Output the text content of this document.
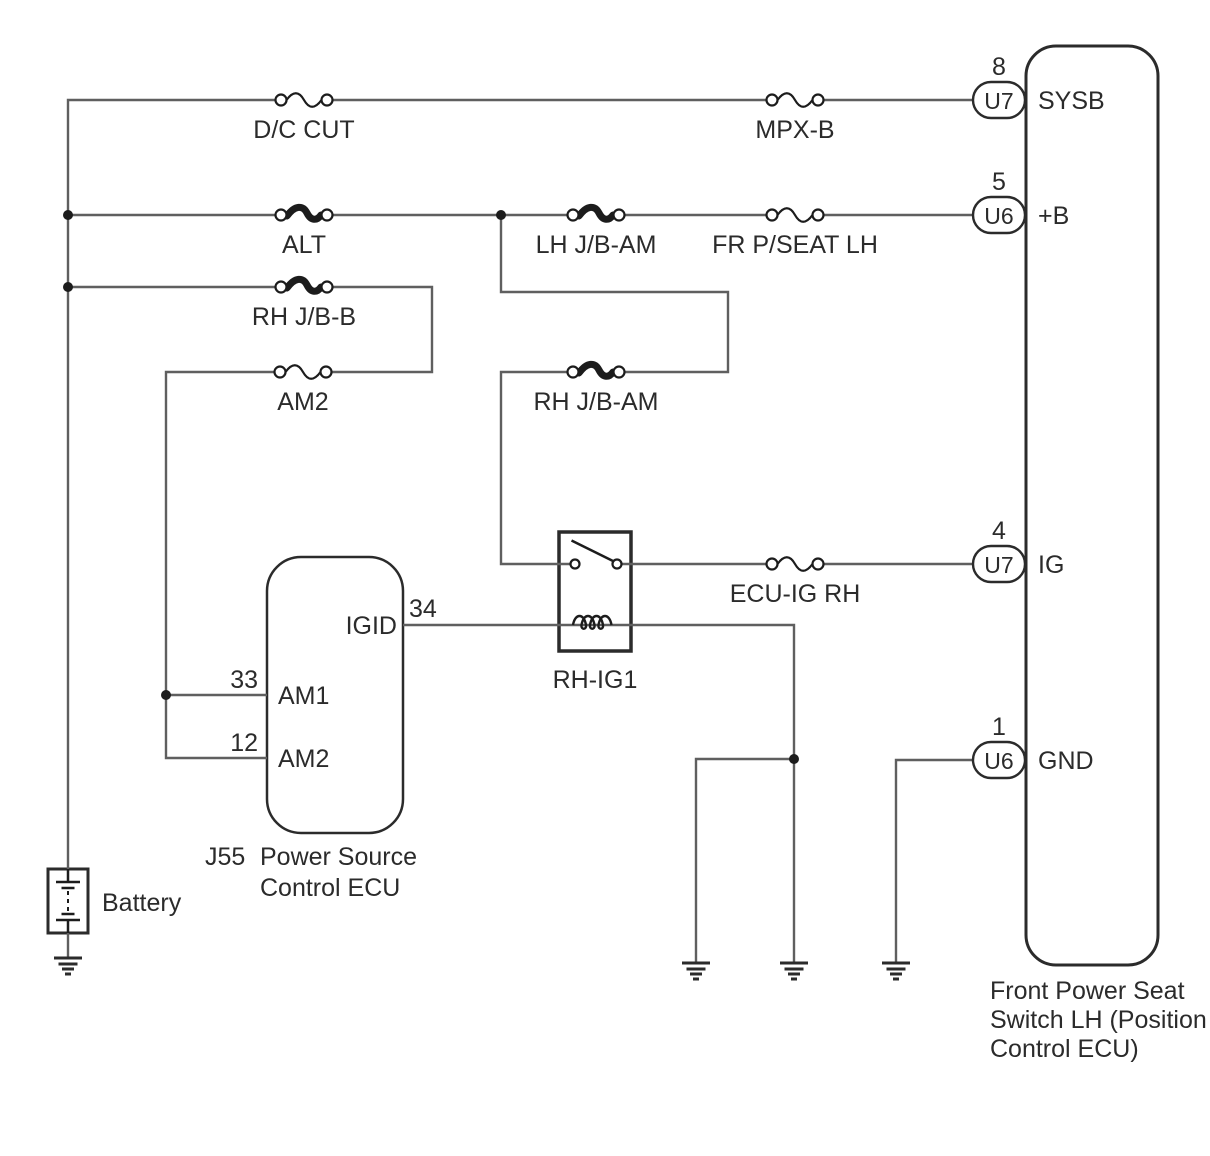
D/C CUT	MPX-B
ALT	LH J/B-AM FR P/SEAT LH
RH J/B-B
AM2	RH J/B-AM
ECU-IG RH
RH-IG1
Battery
8
U7 SYSB
5
U6 +B
4
U7 IG
1
U6 GND
Front Power Seat
Switch LH (Position
Control ECU)
34
IGID
33
AM1
12
AM2
J55 Power Source
Control ECU
